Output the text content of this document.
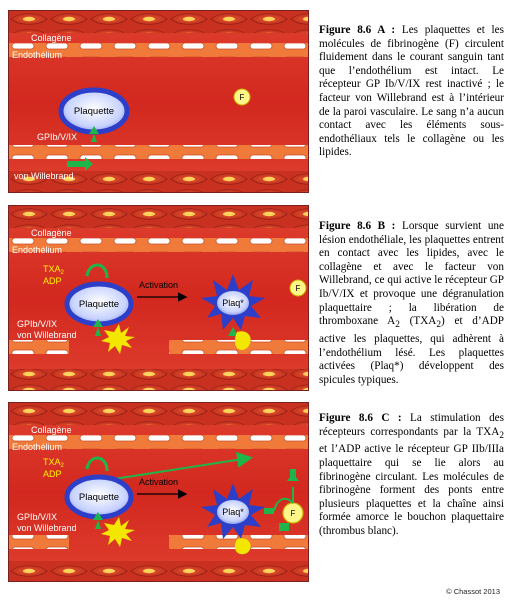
Collagène
Endothélium
Plaquette
GPIb/V/IX
von Willebrand
F
Figure 8.6 A : Les plaquettes et les molécules de fibrinogène (F) circulent fluidement dans le courant sanguin tant que l’endothélium est intact. Le récepteur GP Ib/V/IX rest inactivé ; le facteur von Willebrand est à l’intérieur de la paroi vasculaire. Le sang n’a aucun contact avec les éléments sous-endothéliaux tels le collagène ou les lipides.
Collagène
Endothélium
$TXA_2$
ADP
Plaquette
GPIb/V/IX
von Willebrand
Activation
Plaq*
F
Figure 8.6 B : Lorsque survient une lésion endothéliale, les plaquettes entrent en contact avec les lipides, avec le collagène et avec le facteur von Willebrand, ce qui active le récepteur GP Ib/V/IX et provoque une dégranulation plaquettaire ; la libération de thromboxane $A_2$ $(TXA_2)$ et d’ADP active les plaquettes, qui adhèrent à l’endothélium lésé. Les plaquettes activées (Plaq*) développent des spicules typiques.
Collagène
Endothélium
$TXA_2$
ADP
Plaquette
GPIb/V/IX
von Willebrand
Activation
Plaq*	F
Figure 8.6 C : La stimulation des récepteurs correspondants par la $TXA_2$ et l’ADP active le récepteur GP IIb/IIIa plaquettaire qui se lie alors au fibrinogène circulant. Les molécules de fibrinogène forment des ponts entre plusieurs plaquettes et la chaîne ainsi formée amorce le bouchon plaquettaire (thrombus blanc).
© Chassot 2013
